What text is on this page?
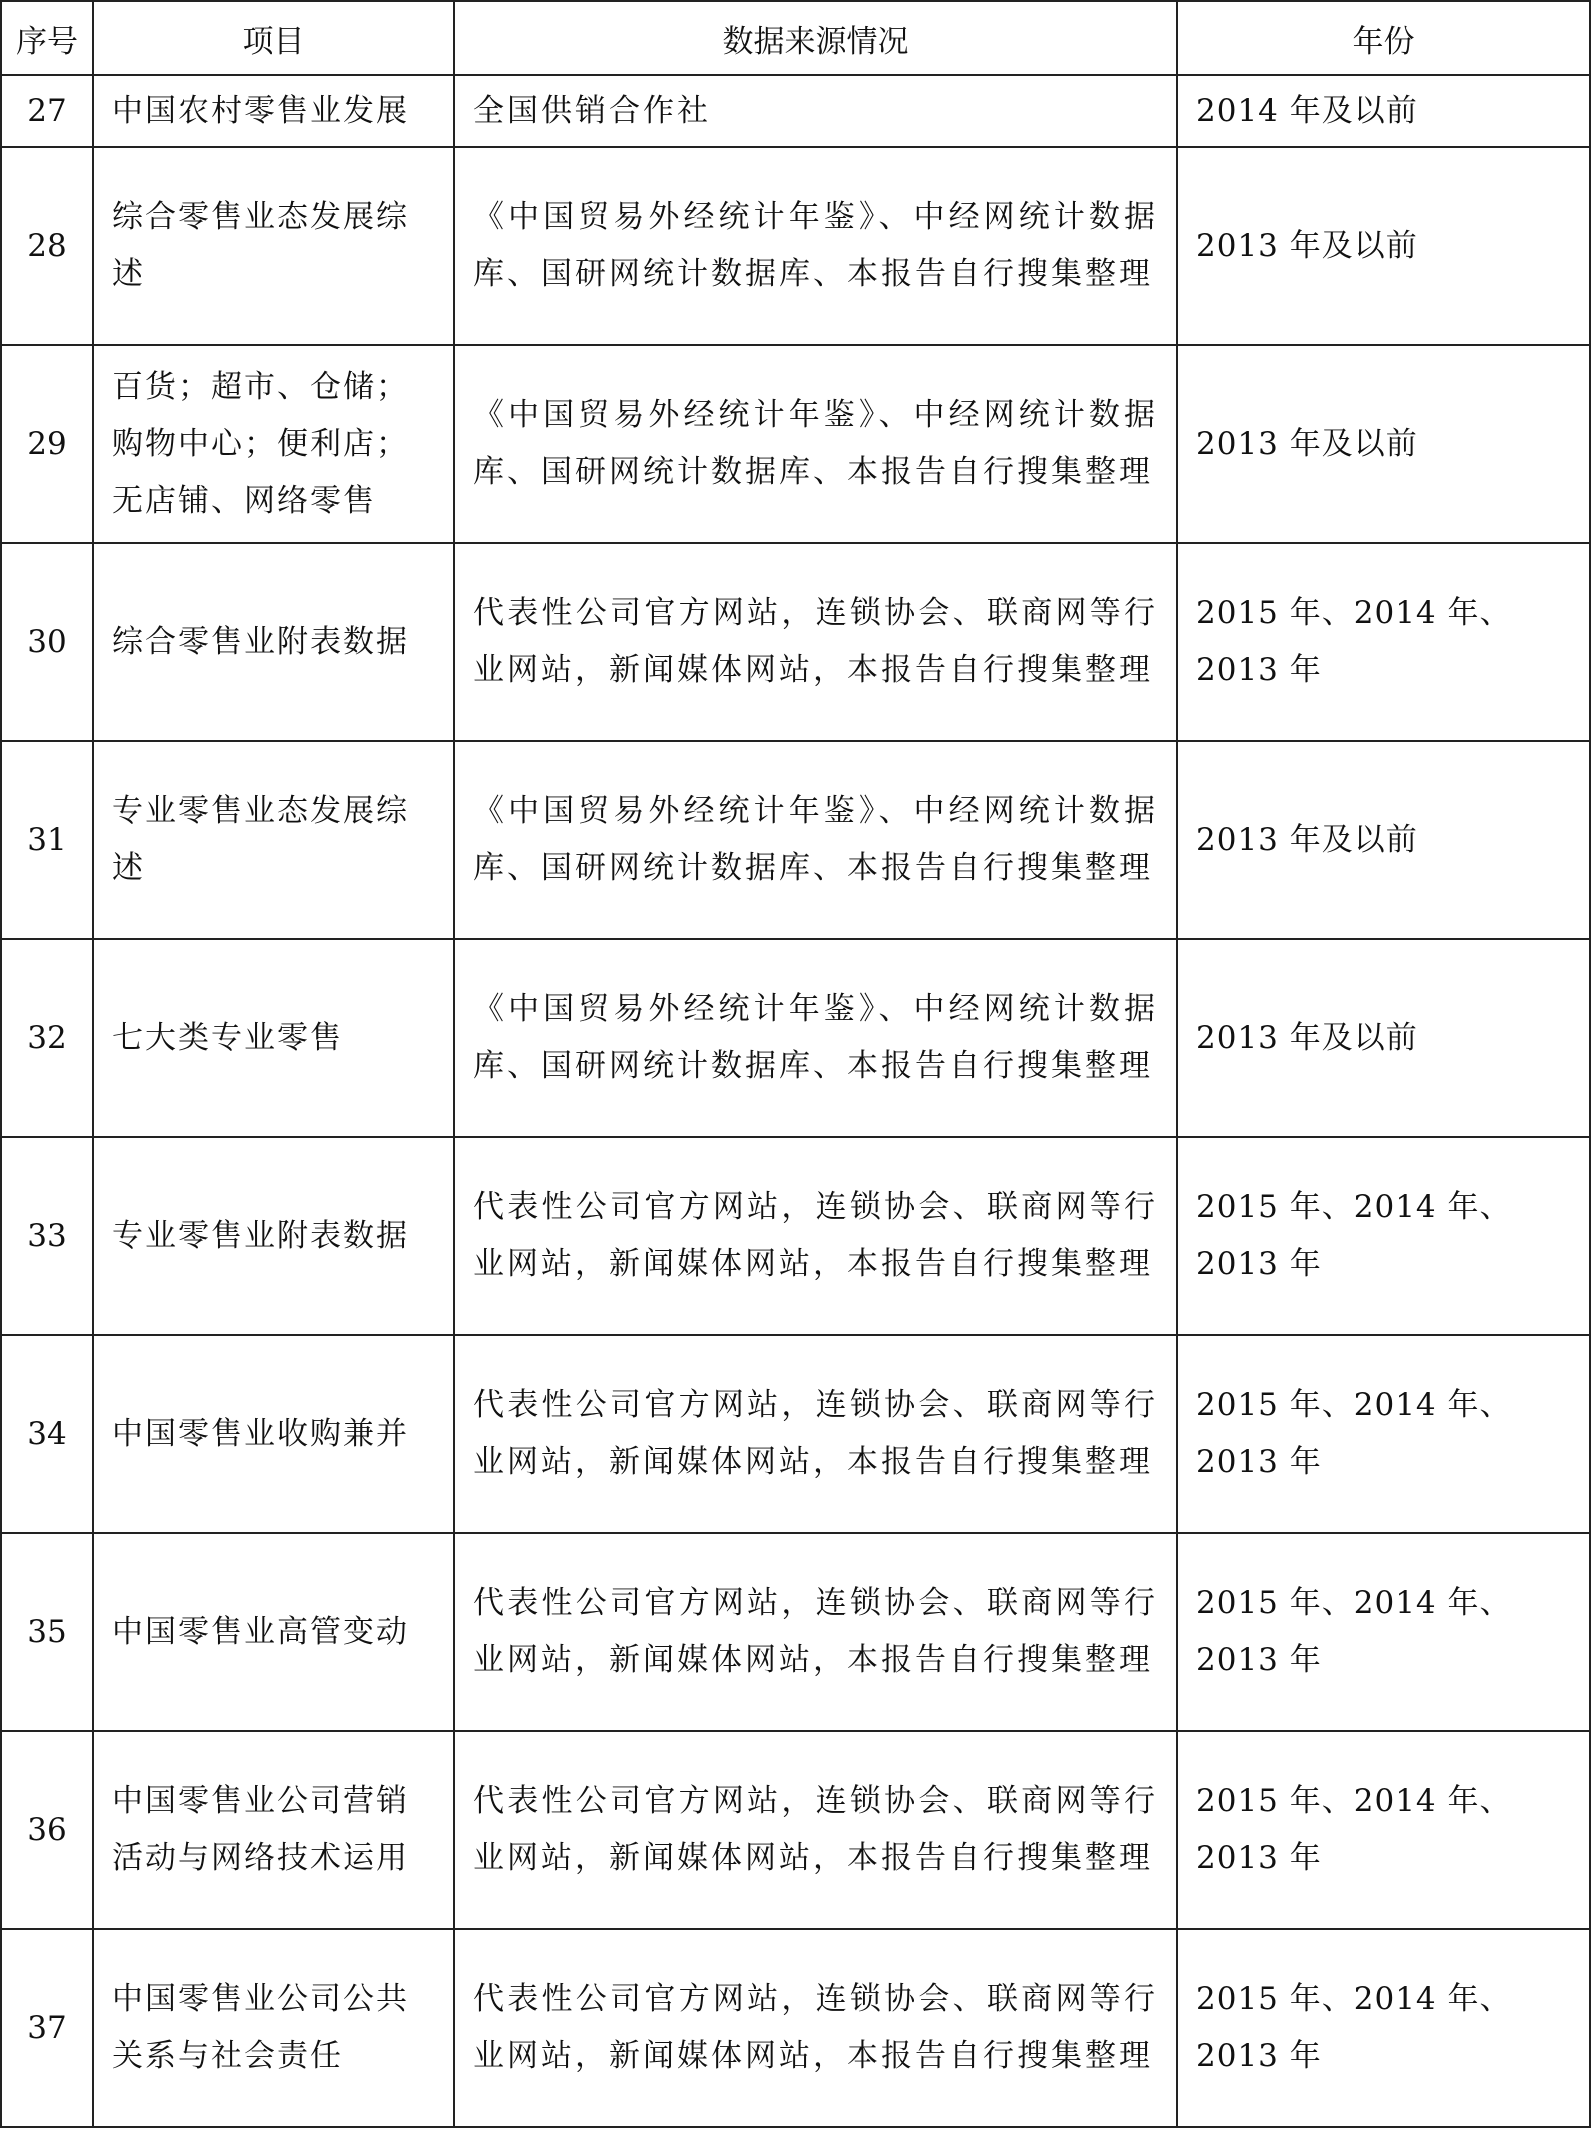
序号	项目	数据来源情况	年份
27	中国农村零售业发展	全国供销合作社	2014 年及以前
28	综合零售业态发展综述	《中国贸易外经统计年鉴》、中经网统计数据库、国研网统计数据库、本报告自行搜集整理	2013 年及以前
29	百货；超市、仓储；购物中心；便利店；无店铺、网络零售	《中国贸易外经统计年鉴》、中经网统计数据库、国研网统计数据库、本报告自行搜集整理	2013 年及以前
30	综合零售业附表数据	代表性公司官方网站，连锁协会、联商网等行业网站，新闻媒体网站，本报告自行搜集整理	2015 年、2014 年、2013 年
31	专业零售业态发展综述	《中国贸易外经统计年鉴》、中经网统计数据库、国研网统计数据库、本报告自行搜集整理	2013 年及以前
32	七大类专业零售	《中国贸易外经统计年鉴》、中经网统计数据库、国研网统计数据库、本报告自行搜集整理	2013 年及以前
33	专业零售业附表数据	代表性公司官方网站，连锁协会、联商网等行业网站，新闻媒体网站，本报告自行搜集整理	2015 年、2014 年、2013 年
34	中国零售业收购兼并	代表性公司官方网站，连锁协会、联商网等行业网站，新闻媒体网站，本报告自行搜集整理	2015 年、2014 年、2013 年
35	中国零售业高管变动	代表性公司官方网站，连锁协会、联商网等行业网站，新闻媒体网站，本报告自行搜集整理	2015 年、2014 年、2013 年
36	中国零售业公司营销活动与网络技术运用	代表性公司官方网站，连锁协会、联商网等行业网站，新闻媒体网站，本报告自行搜集整理	2015 年、2014 年、2013 年
37	中国零售业公司公共关系与社会责任	代表性公司官方网站，连锁协会、联商网等行业网站，新闻媒体网站，本报告自行搜集整理	2015 年、2014 年、2013 年
